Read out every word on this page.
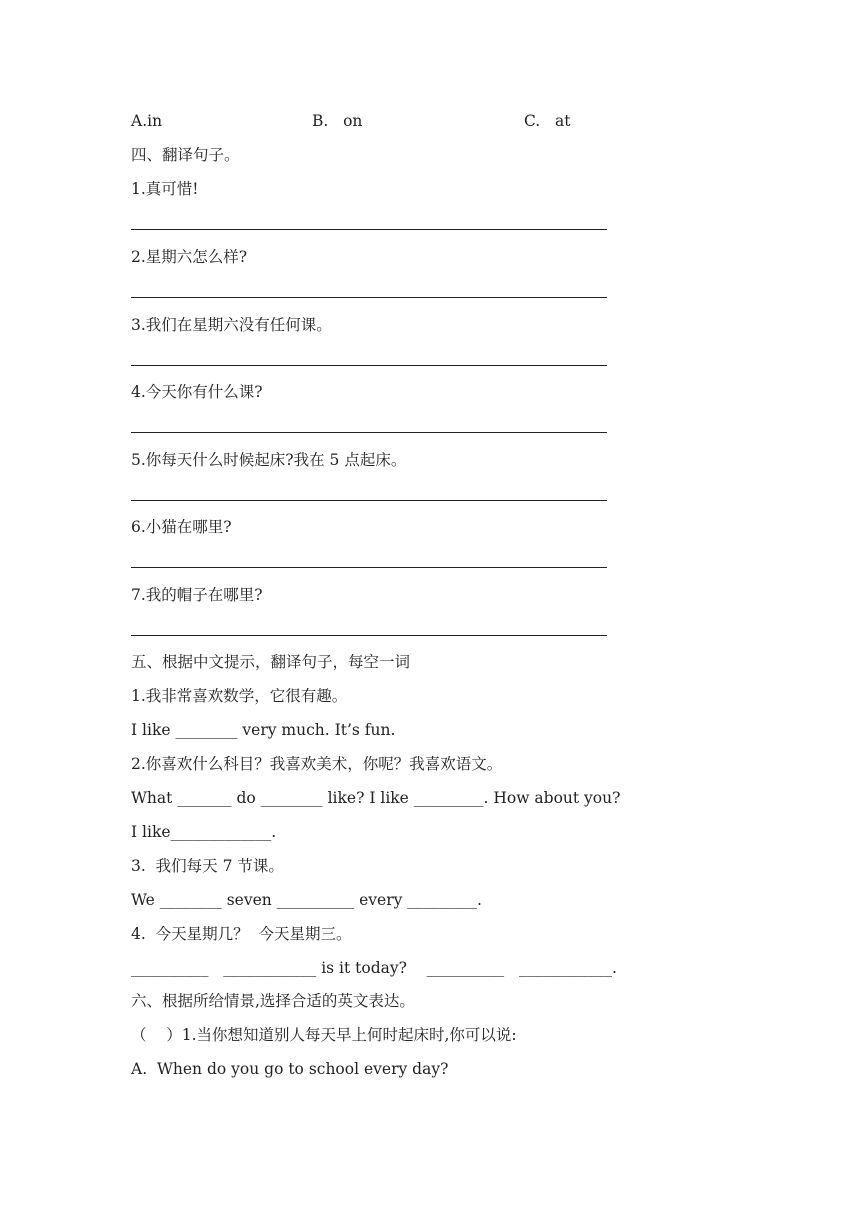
A.in	B.   on	C.   at
四、翻译句子。
1.真可惜!
2.星期六怎么样?
3.我们在星期六没有任何课。
4.今天你有什么课?
5.你每天什么时候起床?我在 5 点起床。
6.小猫在哪里?
7.我的帽子在哪里?
五、根据中文提示，翻译句子，每空一词
1.我非常喜欢数学，它很有趣。
I like ________ very much. It’s fun.
2.你喜欢什么科目？我喜欢美术，你呢？我喜欢语文。
What _______ do ________ like? I like _________. How about you?
I like_____________.
3.  我们每天 7 节课。
We ________ seven __________ every _________.
4.  今天星期几？  今天星期三。
__________   ____________ is it today?    __________   ____________.
六、根据所给情景,选择合适的英文表达。
（    ）1.当你想知道别人每天早上何时起床时,你可以说:
A.  When do you go to school every day?
